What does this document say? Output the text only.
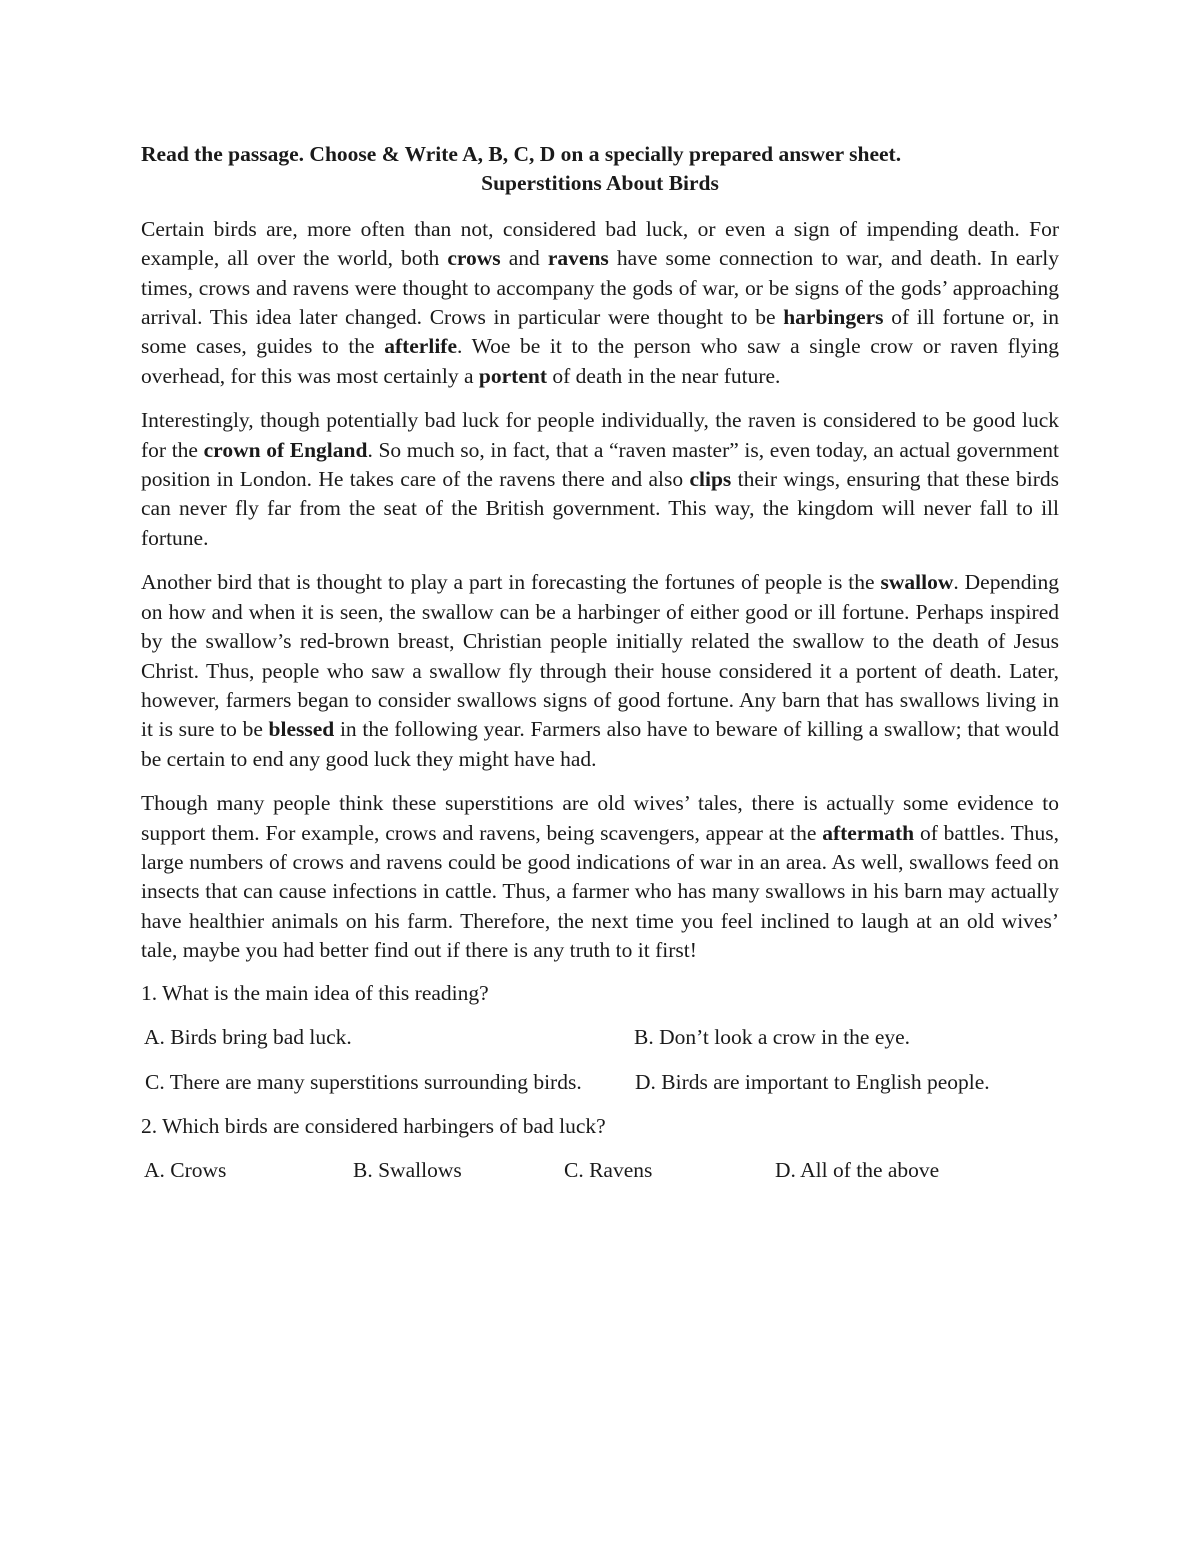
Read the passage. Choose & Write A, B, C, D on a specially prepared answer sheet.

Superstitions About Birds

Certain birds are, more often than not, considered bad luck, or even a sign of impending death. For example, all over the world, both crows and ravens have some connection to war, and death. In early times, crows and ravens were thought to accompany the gods of war, or be signs of the gods’ approaching arrival. This idea later changed. Crows in particular were thought to be harbingers of ill fortune or, in some cases, guides to the afterlife. Woe be it to the person who saw a single crow or raven flying overhead, for this was most certainly a portent of death in the near future.

Interestingly, though potentially bad luck for people individually, the raven is considered to be good luck for the crown of England. So much so, in fact, that a “raven master” is, even today, an actual government position in London. He takes care of the ravens there and also clips their wings, ensuring that these birds can never fly far from the seat of the British government. This way, the kingdom will never fall to ill fortune.

Another bird that is thought to play a part in forecasting the fortunes of people is the swallow. Depending on how and when it is seen, the swallow can be a harbinger of either good or ill fortune. Perhaps inspired by the swallow’s red-brown breast, Christian people initially related the swallow to the death of Jesus Christ. Thus, people who saw a swallow fly through their house considered it a portent of death. Later, however, farmers began to consider swallows signs of good fortune. Any barn that has swallows living in it is sure to be blessed in the following year. Farmers also have to beware of killing a swallow; that would be certain to end any good luck they might have had.

Though many people think these superstitions are old wives’ tales, there is actually some evidence to support them. For example, crows and ravens, being scavengers, appear at the aftermath of battles. Thus, large numbers of crows and ravens could be good indications of war in an area. As well, swallows feed on insects that can cause infections in cattle. Thus, a farmer who has many swallows in his barn may actually have healthier animals on his farm. Therefore, the next time you feel inclined to laugh at an old wives’ tale, maybe you had better find out if there is any truth to it first!

1. What is the main idea of this reading?

A. Birds bring bad luck.	B. Don’t look a crow in the eye.
C. There are many superstitions surrounding birds. D. Birds are important to English people.

2. Which birds are considered harbingers of bad luck?

A. Crows	B. Swallows	C. Ravens	D. All of the above
